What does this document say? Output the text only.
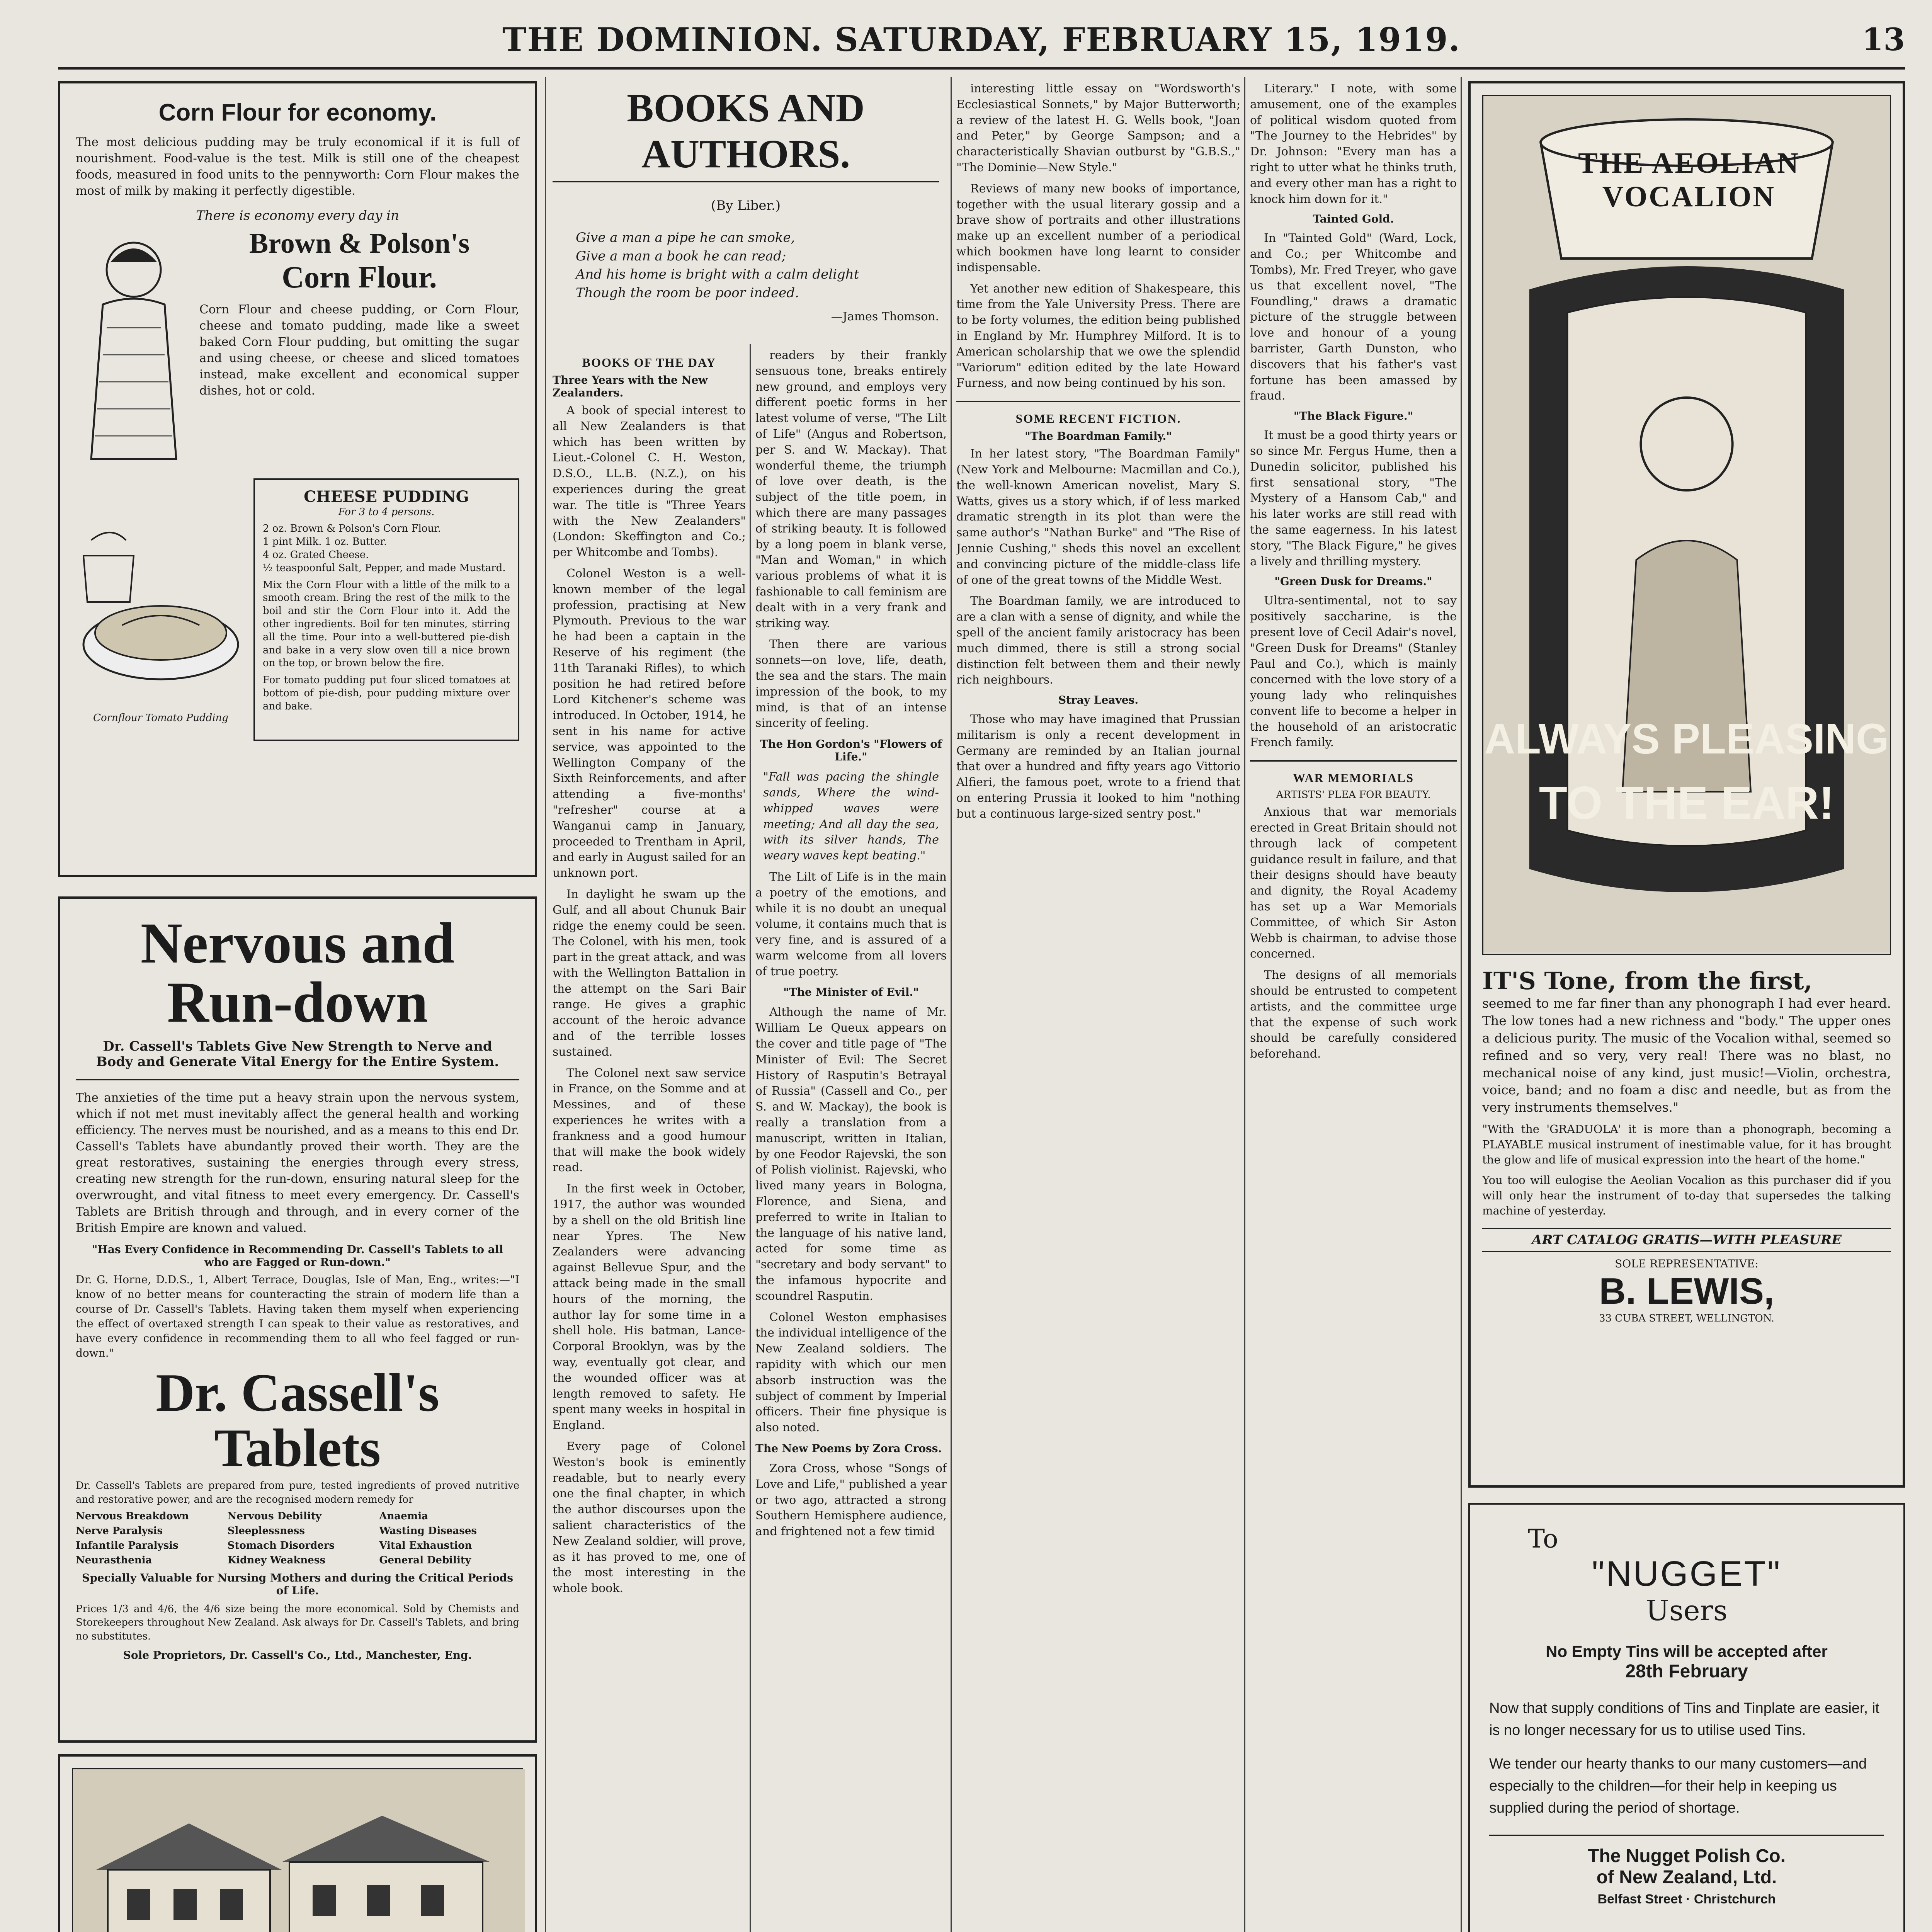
THE DOMINION. SATURDAY, FEBRUARY 15, 1919.	13
Corn Flour for economy.
The most delicious pudding may be truly economical if it is full of nourishment. Food-value is the test. Milk is still one of the cheapest foods, measured in food units to the pennyworth: Corn Flour makes the most of milk by making it perfectly digestible.
There is economy every day in
Brown & Polson's
Corn Flour.
Corn Flour and cheese pudding, or Corn Flour, cheese and tomato pudding, made like a sweet baked Corn Flour pudding, but omitting the sugar and using cheese, or cheese and sliced tomatoes instead, make excellent and economical supper dishes, hot or cold.
Cornflour Tomato Pudding
CHEESE PUDDING
For 3 to 4 persons.
2 oz. Brown & Polson's Corn Flour.
1 pint Milk. 1 oz. Butter.
4 oz. Grated Cheese.
½ teaspoonful Salt, Pepper, and made Mustard.
Mix the Corn Flour with a little of the milk to a smooth cream. Bring the rest of the milk to the boil and stir the Corn Flour into it. Add the other ingredients. Boil for ten minutes, stirring all the time. Pour into a well-buttered pie-dish and bake in a very slow oven till a nice brown on the top, or brown below the fire.
For tomato pudding put four sliced tomatoes at bottom of pie-dish, pour pudding mixture over and bake.
Nervous and
Run-down
Dr. Cassell's Tablets Give New Strength to Nerve and Body and Generate Vital Energy for the Entire System.
The anxieties of the time put a heavy strain upon the nervous system, which if not met must inevitably affect the general health and working efficiency. The nerves must be nourished, and as a means to this end Dr. Cassell's Tablets have abundantly proved their worth. They are the great restoratives, sustaining the energies through every stress, creating new strength for the run-down, ensuring natural sleep for the overwrought, and vital fitness to meet every emergency. Dr. Cassell's Tablets are British through and through, and in every corner of the British Empire are known and valued.
"Has Every Confidence in Recommending Dr. Cassell's Tablets to all who are Fagged or Run-down."
Dr. G. Horne, D.D.S., 1, Albert Terrace, Douglas, Isle of Man, Eng., writes:—"I know of no better means for counteracting the strain of modern life than a course of Dr. Cassell's Tablets. Having taken them myself when experiencing the effect of overtaxed strength I can speak to their value as restoratives, and have every confidence in recommending them to all who feel fagged or run-down."
Dr. Cassell's
Tablets
Dr. Cassell's Tablets are prepared from pure, tested ingredients of proved nutritive and restorative power, and are the recognised modern remedy for
Nervous Breakdown	Nervous Debility	Anaemia
Nerve Paralysis	Sleeplessness	Wasting Diseases
Infantile Paralysis	Stomach Disorders	Vital Exhaustion
Neurasthenia	Kidney Weakness	General Debility
Specially Valuable for Nursing Mothers and during the Critical Periods of Life.
Prices 1/3 and 4/6, the 4/6 size being the more economical. Sold by Chemists and Storekeepers throughout New Zealand. Ask always for Dr. Cassell's Tablets, and bring no substitutes.
Sole Proprietors, Dr. Cassell's Co., Ltd., Manchester, Eng.
BOOKS AND AUTHORS.
(By Liber.)
Give a man a pipe he can smoke,
Give a man a book he can read;
And his home is bright with a calm delight
Though the room be poor indeed.
—James Thomson.
BOOKS OF THE DAY
Three Years with the New Zealanders.

A book of special interest to all New Zealanders is that which has been written by Lieut.-Colonel C. H. Weston, D.S.O., LL.B. (N.Z.), on his experiences during the great war. The title is "Three Years with the New Zealanders" (London: Skeffington and Co.; per Whitcombe and Tombs).

Colonel Weston is a well-known member of the legal profession, practising at New Plymouth. Previous to the war he had been a captain in the Reserve of his regiment (the 11th Taranaki Rifles), to which position he had retired before Lord Kitchener's scheme was introduced. In October, 1914, he sent in his name for active service, was appointed to the Wellington Company of the Sixth Reinforcements, and after attending a five-months' "refresher" course at a Wanganui camp in January, proceeded to Trentham in April, and early in August sailed for an unknown port.

In daylight he swam up the Gulf, and all about Chunuk Bair ridge the enemy could be seen. The Colonel, with his men, took part in the great attack, and was with the Wellington Battalion in the attempt on the Sari Bair range. He gives a graphic account of the heroic advance and of the terrible losses sustained.

The Colonel next saw service in France, on the Somme and at Messines, and of these experiences he writes with a frankness and a good humour that will make the book widely read.

In the first week in October, 1917, the author was wounded by a shell on the old British line near Ypres. The New Zealanders were advancing against Bellevue Spur, and the attack being made in the small hours of the morning, the author lay for some time in a shell hole. His batman, Lance-Corporal Brooklyn, was by the way, eventually got clear, and the wounded officer was at length removed to safety. He spent many weeks in hospital in England.

Every page of Colonel Weston's book is eminently readable, but to nearly every one the final chapter, in which the author discourses upon the salient characteristics of the New Zealand soldier, will prove, as it has proved to me, one of the most interesting in the whole book.

readers by their frankly sensuous tone, breaks entirely new ground, and employs very different poetic forms in her latest volume of verse, "The Lilt of Life" (Angus and Robertson, per S. and W. Mackay). That wonderful theme, the triumph of love over death, is the subject of the title poem, in which there are many passages of striking beauty. It is followed by a long poem in blank verse, "Man and Woman," in which various problems of what it is fashionable to call feminism are dealt with in a very frank and striking way.

Then there are various sonnets—on love, life, death, the sea and the stars. The main impression of the book, to my mind, is that of an intense sincerity of feeling.

The Hon Gordon's "Flowers of Life."

"Fall was pacing the shingle sands, Where the wind-whipped waves were meeting; And all day the sea, with its silver hands, The weary waves kept beating."

The Lilt of Life is in the main a poetry of the emotions, and while it is no doubt an unequal volume, it contains much that is very fine, and is assured of a warm welcome from all lovers of true poetry.

"The Minister of Evil."

Although the name of Mr. William Le Queux appears on the cover and title page of "The Minister of Evil: The Secret History of Rasputin's Betrayal of Russia" (Cassell and Co., per S. and W. Mackay), the book is really a translation from a manuscript, written in Italian, by one Feodor Rajevski, the son of Polish violinist. Rajevski, who lived many years in Bologna, Florence, and Siena, and preferred to write in Italian to the language of his native land, acted for some time as "secretary and body servant" to the infamous hypocrite and scoundrel Rasputin.

Colonel Weston emphasises the individual intelligence of the New Zealand soldiers. The rapidity with which our men absorb instruction was the subject of comment by Imperial officers. Their fine physique is also noted.

The New Poems by Zora Cross.

Zora Cross, whose "Songs of Love and Life," published a year or two ago, attracted a strong Southern Hemisphere audience, and frightened not a few timid

interesting little essay on "Wordsworth's Ecclesiastical Sonnets," by Major Butterworth; a review of the latest H. G. Wells book, "Joan and Peter," by George Sampson; and a characteristically Shavian outburst by "G.B.S.," "The Dominie—New Style."

Reviews of many new books of importance, together with the usual literary gossip and a brave show of portraits and other illustrations make up an excellent number of a periodical which bookmen have long learnt to consider indispensable.

Yet another new edition of Shakespeare, this time from the Yale University Press. There are to be forty volumes, the edition being published in England by Mr. Humphrey Milford. It is to American scholarship that we owe the splendid "Variorum" edition edited by the late Howard Furness, and now being continued by his son.

SOME RECENT FICTION.
"The Boardman Family."

In her latest story, "The Boardman Family" (New York and Melbourne: Macmillan and Co.), the well-known American novelist, Mary S. Watts, gives us a story which, if of less marked dramatic strength in its plot than were the same author's "Nathan Burke" and "The Rise of Jennie Cushing," sheds this novel an excellent and convincing picture of the middle-class life of one of the great towns of the Middle West.

The Boardman family, we are introduced to are a clan with a sense of dignity, and while the spell of the ancient family aristocracy has been much dimmed, there is still a strong social distinction felt between them and their newly rich neighbours.

Stray Leaves.

Those who may have imagined that Prussian militarism is only a recent development in Germany are reminded by an Italian journal that over a hundred and fifty years ago Vittorio Alfieri, the famous poet, wrote to a friend that on entering Prussia it looked to him "nothing but a continuous large-sized sentry post."

Literary." I note, with some amusement, one of the examples of political wisdom quoted from "The Journey to the Hebrides" by Dr. Johnson: "Every man has a right to utter what he thinks truth, and every other man has a right to knock him down for it."

Tainted Gold.

In "Tainted Gold" (Ward, Lock, and Co.; per Whitcombe and Tombs), Mr. Fred Treyer, who gave us that excellent novel, "The Foundling," draws a dramatic picture of the struggle between love and honour of a young barrister, Garth Dunston, who discovers that his father's vast fortune has been amassed by fraud.

"The Black Figure."

It must be a good thirty years or so since Mr. Fergus Hume, then a Dunedin solicitor, published his first sensational story, "The Mystery of a Hansom Cab," and his later works are still read with the same eagerness. In his latest story, "The Black Figure," he gives a lively and thrilling mystery.

"Green Dusk for Dreams."

Ultra-sentimental, not to say positively saccharine, is the present love of Cecil Adair's novel, "Green Dusk for Dreams" (Stanley Paul and Co.), which is mainly concerned with the love story of a young lady who relinquishes convent life to become a helper in the household of an aristocratic French family.

WAR MEMORIALS
ARTISTS' PLEA FOR BEAUTY.

Anxious that war memorials erected in Great Britain should not through lack of competent guidance result in failure, and that their designs should have beauty and dignity, the Royal Academy has set up a War Memorials Committee, of which Sir Aston Webb is chairman, to advise those concerned.

The designs of all memorials should be entrusted to competent artists, and the committee urge that the expense of such work should be carefully considered beforehand.

THE AEOLIAN VOCALION
ALWAYS PLEASING
TO THE EAR!
IT'S Tone, from the first,
seemed to me far finer than any phonograph I had ever heard. The low tones had a new richness and "body." The upper ones a delicious purity. The music of the Vocalion withal, seemed so refined and so very, very real! There was no blast, no mechanical noise of any kind, just music!—Violin, orchestra, voice, band; and no foam a disc and needle, but as from the very instruments themselves."
"With the 'GRADUOLA' it is more than a phonograph, becoming a PLAYABLE musical instrument of inestimable value, for it has brought the glow and life of musical expression into the heart of the home."
You too will eulogise the Aeolian Vocalion as this purchaser did if you will only hear the instrument of to-day that supersedes the talking machine of yesterday.
ART CATALOG GRATIS—WITH PLEASURE
SOLE REPRESENTATIVE:
B. LEWIS,
33 CUBA STREET, WELLINGTON.
To
"NUGGET"
Users
No Empty Tins will be accepted after
28th February
Now that supply conditions of Tins and Tinplate are easier, it is no longer necessary for us to utilise used Tins.
We tender our hearty thanks to our many customers—and especially to the children—for their help in keeping us supplied during the period of shortage.
The Nugget Polish Co.
of New Zealand, Ltd.
Belfast Street · Christchurch
